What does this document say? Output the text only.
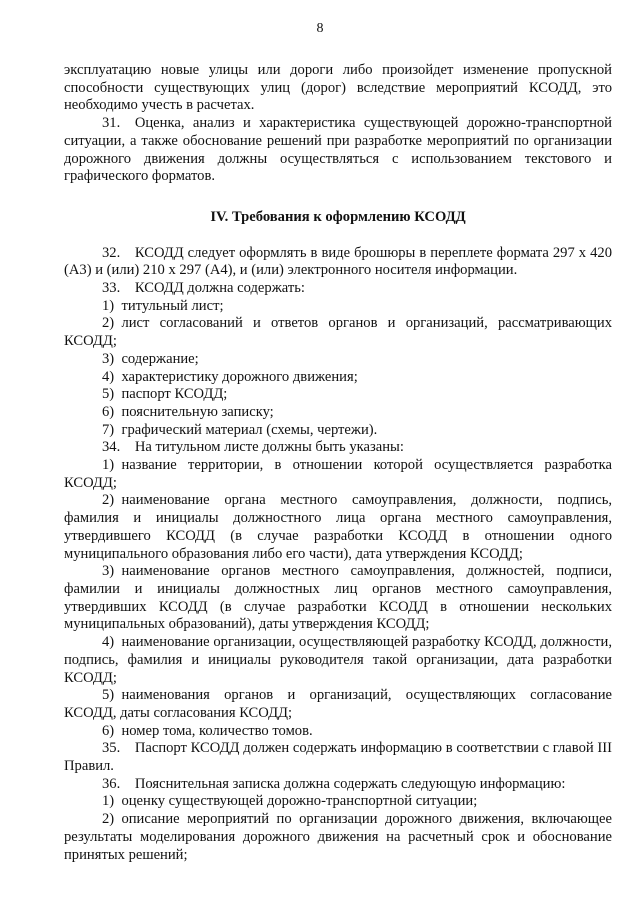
8

эксплуатацию новые улицы или дороги либо произойдет изменение пропускной способности существующих улиц (дорог) вследствие мероприятий КСОДД, это необходимо учесть в расчетах.

31. Оценка, анализ и характеристика существующей дорожно-транспортной ситуации, а также обоснование решений при разработке мероприятий по организации дорожного движения должны осуществляться с использованием текстового и графического форматов.

IV. Требования к оформлению КСОДД

32. КСОДД следует оформлять в виде брошюры в переплете формата 297 x 420 (А3) и (или) 210 x 297 (А4), и (или) электронного носителя информации.

33. КСОДД должна содержать:

1) титульный лист;

2) лист согласований и ответов органов и организаций, рассматривающих КСОДД;

3) содержание;

4) характеристику дорожного движения;

5) паспорт КСОДД;

6) пояснительную записку;

7) графический материал (схемы, чертежи).

34. На титульном листе должны быть указаны:

1) название территории, в отношении которой осуществляется разработка КСОДД;

2) наименование органа местного самоуправления, должности, подпись, фамилия и инициалы должностного лица органа местного самоуправления, утвердившего КСОДД (в случае разработки КСОДД в отношении одного муниципального образования либо его части), дата утверждения КСОДД;

3) наименование органов местного самоуправления, должностей, подписи, фамилии и инициалы должностных лиц органов местного самоуправления, утвердивших КСОДД (в случае разработки КСОДД в отношении нескольких муниципальных образований), даты утверждения КСОДД;

4) наименование организации, осуществляющей разработку КСОДД, должности, подпись, фамилия и инициалы руководителя такой организации, дата разработки КСОДД;

5) наименования органов и организаций, осуществляющих согласование КСОДД, даты согласования КСОДД;

6) номер тома, количество томов.

35. Паспорт КСОДД должен содержать информацию в соответствии с главой III Правил.

36. Пояснительная записка должна содержать следующую информацию:

1) оценку существующей дорожно-транспортной ситуации;

2) описание мероприятий по организации дорожного движения, включающее результаты моделирования дорожного движения на расчетный срок и обоснование принятых решений;
